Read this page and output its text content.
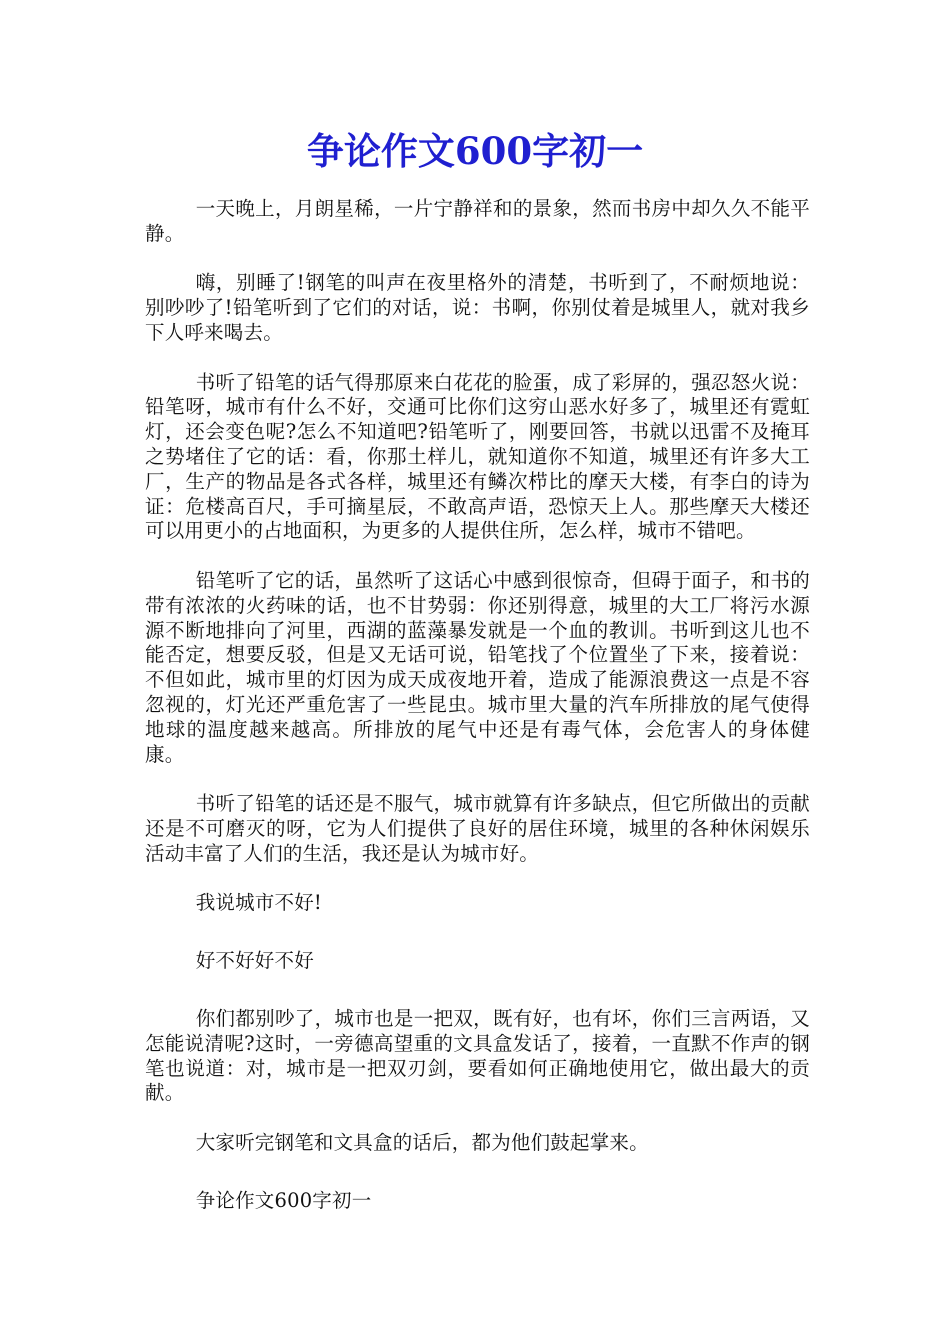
争论作文600字初一

一天晚上，月朗星稀，一片宁静祥和的景象，然而书房中却久久不能平静。

嗨，别睡了!钢笔的叫声在夜里格外的清楚，书听到了，不耐烦地说：别吵吵了!铅笔听到了它们的对话，说：书啊，你别仗着是城里人，就对我乡下人呼来喝去。

书听了铅笔的话气得那原来白花花的脸蛋，成了彩屏的，强忍怒火说：铅笔呀，城市有什么不好，交通可比你们这穷山恶水好多了，城里还有霓虹灯，还会变色呢?怎么不知道吧?铅笔听了，刚要回答，书就以迅雷不及掩耳之势堵住了它的话：看，你那土样儿，就知道你不知道，城里还有许多大工厂，生产的物品是各式各样，城里还有鳞次栉比的摩天大楼，有李白的诗为证：危楼高百尺，手可摘星辰，不敢高声语，恐惊天上人。那些摩天大楼还可以用更小的占地面积，为更多的人提供住所，怎么样，城市不错吧。

铅笔听了它的话，虽然听了这话心中感到很惊奇，但碍于面子，和书的带有浓浓的火药味的话，也不甘势弱：你还别得意，城里的大工厂将污水源源不断地排向了河里，西湖的蓝藻暴发就是一个血的教训。书听到这儿也不能否定，想要反驳，但是又无话可说，铅笔找了个位置坐了下来，接着说：不但如此，城市里的灯因为成天成夜地开着，造成了能源浪费这一点是不容忽视的，灯光还严重危害了一些昆虫。城市里大量的汽车所排放的尾气使得地球的温度越来越高。所排放的尾气中还是有毒气体，会危害人的身体健康。

书听了铅笔的话还是不服气，城市就算有许多缺点，但它所做出的贡献还是不可磨灭的呀，它为人们提供了良好的居住环境，城里的各种休闲娱乐活动丰富了人们的生活，我还是认为城市好。

我说城市不好!

好不好好不好

你们都别吵了，城市也是一把双，既有好，也有坏，你们三言两语，又怎能说清呢?这时，一旁德高望重的文具盒发话了，接着，一直默不作声的钢笔也说道：对，城市是一把双刃剑，要看如何正确地使用它，做出最大的贡献。

大家听完钢笔和文具盒的话后，都为他们鼓起掌来。

争论作文600字初一
